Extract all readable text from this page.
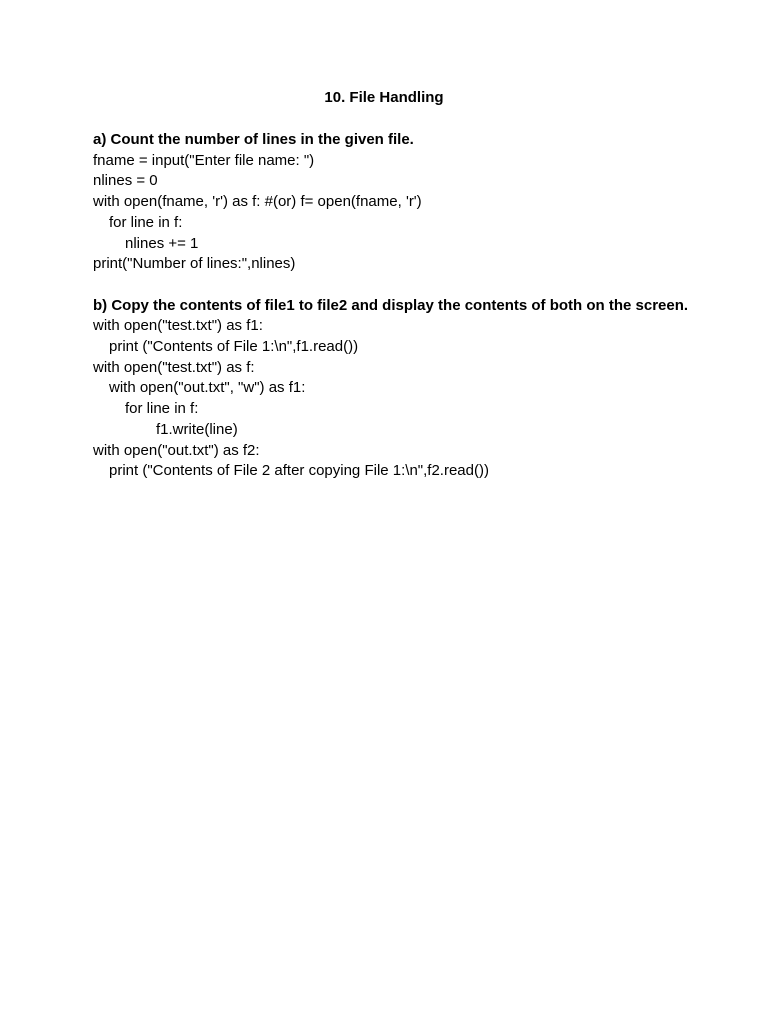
10. File Handling
a) Count the number of lines in the given file.
fname = input("Enter file name: ")
nlines = 0
with open(fname, 'r') as f: #(or) f= open(fname, 'r')
for line in f:
nlines += 1
print("Number of lines:",nlines)
b) Copy the contents of file1 to file2 and display the contents of both on the screen.
with open("test.txt") as f1:
print ("Contents of File 1:\n",f1.read())
with open("test.txt") as f:
with open("out.txt", "w") as f1:
for line in f:
f1.write(line)
with open("out.txt") as f2:
print ("Contents of File 2 after copying File 1:\n",f2.read())
